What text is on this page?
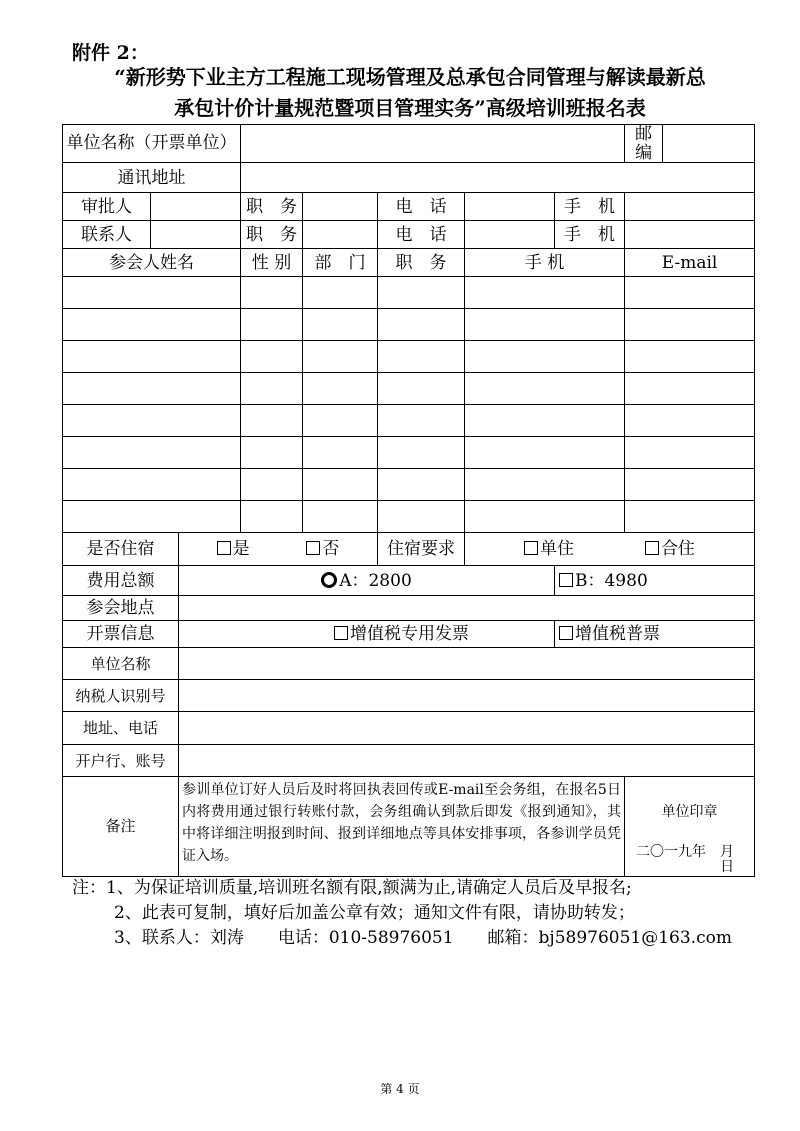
附件 2：
“新形势下业主方工程施工现场管理及总承包合同管理与解读最新总
承包计价计量规范暨项目管理实务”高级培训班报名表
单位名称（开票单位）								邮　编	
通讯地址									
审批人			职　务		电　话		手　机		
联系人			职　务		电　话		手　机		
参会人姓名			性 别	部　门	职　务	手 机		E-mail	

是否住宿		是 否			住宿要求	单住 合住			
费用总额		A：2800					B：4980		
参会地点									
开票信息		增值税专用发票					增值税普票		
单位名称									
纳税人识别号									
地址、电话									
开户行、账号									
备注		参训单位订好人员后及时将回执表回传或E-mail至会务组，在报名5日内将费用通过银行转账付款，会务组确认到款后即发《报到通知》，其中将详细注明报到时间、报到详细地点等具体安排事项，各参训学员凭证入场。						单位印章
二〇一九年　月　日	
注：1、为保证培训质量,培训班名额有限,额满为止,请确定人员后及早报名;
2、此表可复制，填好后加盖公章有效；通知文件有限，请协助转发；
3、联系人：刘涛　　电话：010-58976051　　邮箱：bj58976051@163.com
第 4 页
